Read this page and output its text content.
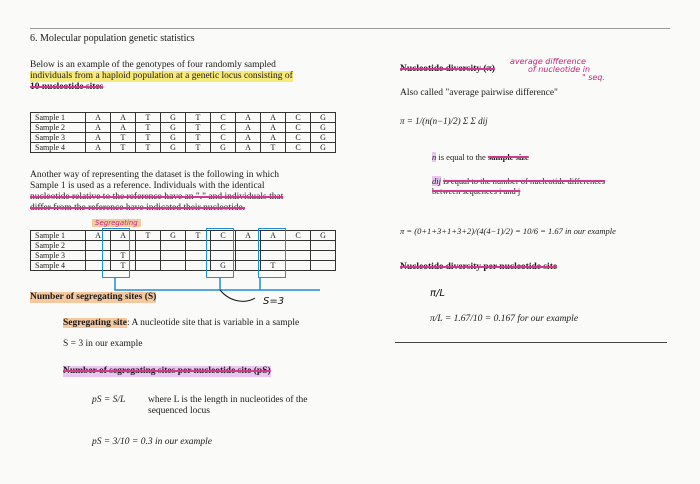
6. Molecular population genetic statistics
Below is an example of the genotypes of four randomly sampled
individuals from a haploid population at a genetic locus consisting of
10 nucleotide sites
Sample 1	A	A	T	G	T	C	A	A	C	G
Sample 2	A	A	T	G	T	C	A	A	C	G
Sample 3	A	T	T	G	T	C	A	A	C	G
Sample 4	A	T	T	G	T	G	A	T	C	G
Another way of representing the dataset is the following in which
Sample 1 is used as a reference. Individuals with the identical
nucleotide relative to the reference have an "." and individuals that
differ from the reference have indicated their nucleotide.
Segregating
Sample 1	A	A	T	G	T	C	A	A	C	G
Sample 2										
Sample 3		T								
Sample 4		T				G		T		
Number of segregating sites (S)	S=3
Segregating site: A nucleotide site that is variable in a sample
S = 3 in our example
Number of segregating sites per nucleotide site (pS)
pS = S/L where L is the length in nucleotides of the
sequenced locus
pS = 3/10 = 0.3 in our example
Nucleotide diversity (π)
average difference
of nucleotide in
" seq.
Also called "average pairwise difference"
π = 1/(n(n−1)/2) Σ Σ dij
n is equal to the sample size
dij is equal to the number of nucleotide differences
between sequences i and j
π = (0+1+3+1+3+2)/(4(4−1)/2) = 10/6 = 1.67 in our example
Nucleotide diversity per nucleotide site
π/L
π/L = 1.67/10 = 0.167 for our example
